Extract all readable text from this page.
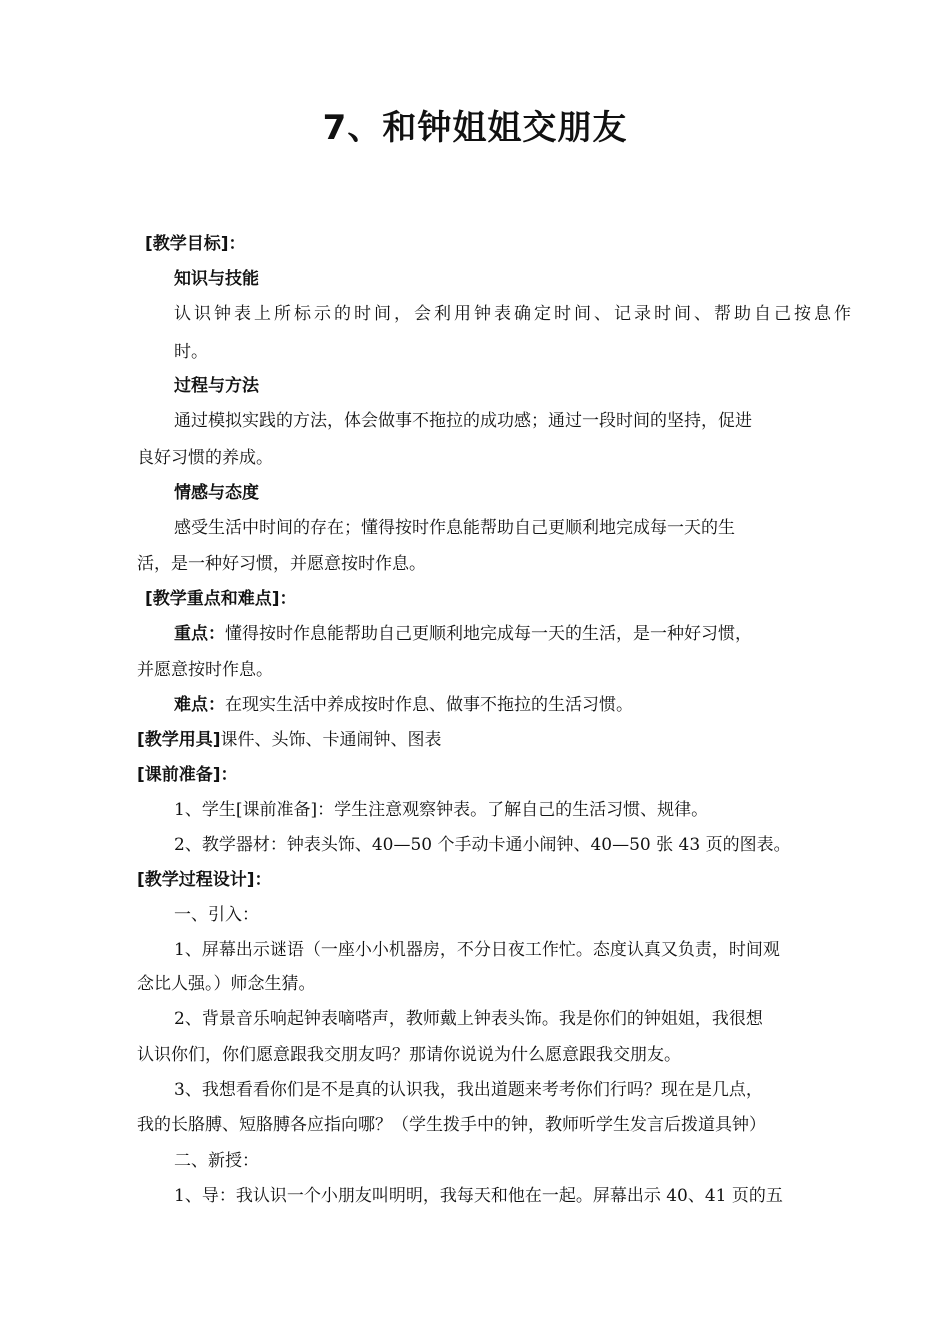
7、和钟姐姐交朋友
[教学目标]：
知识与技能
认识钟表上所标示的时间，会利用钟表确定时间、记录时间、帮助自己按息作
时。
过程与方法
通过模拟实践的方法，体会做事不拖拉的成功感；通过一段时间的坚持，促进
良好习惯的养成。
情感与态度
感受生活中时间的存在；懂得按时作息能帮助自己更顺利地完成每一天的生
活，是一种好习惯，并愿意按时作息。
[教学重点和难点]：
重点：懂得按时作息能帮助自己更顺利地完成每一天的生活，是一种好习惯，
并愿意按时作息。
难点：在现实生活中养成按时作息、做事不拖拉的生活习惯。
[教学用具]课件、头饰、卡通闹钟、图表
[课前准备]：
1、学生[课前准备]：学生注意观察钟表。了解自己的生活习惯、规律。
2、教学器材：钟表头饰、40—50 个手动卡通小闹钟、40—50 张 43 页的图表。
[教学过程设计]：
一、引入：
1、屏幕出示谜语（一座小小机器房，不分日夜工作忙。态度认真又负责，时间观
念比人强。）师念生猜。
2、背景音乐响起钟表嘀嗒声，教师戴上钟表头饰。我是你们的钟姐姐，我很想
认识你们，你们愿意跟我交朋友吗？那请你说说为什么愿意跟我交朋友。
3、我想看看你们是不是真的认识我，我出道题来考考你们行吗？现在是几点，
我的长胳膊、短胳膊各应指向哪？（学生拨手中的钟，教师听学生发言后拨道具钟）
二、新授：
1、导：我认识一个小朋友叫明明，我每天和他在一起。屏幕出示 40、41 页的五
